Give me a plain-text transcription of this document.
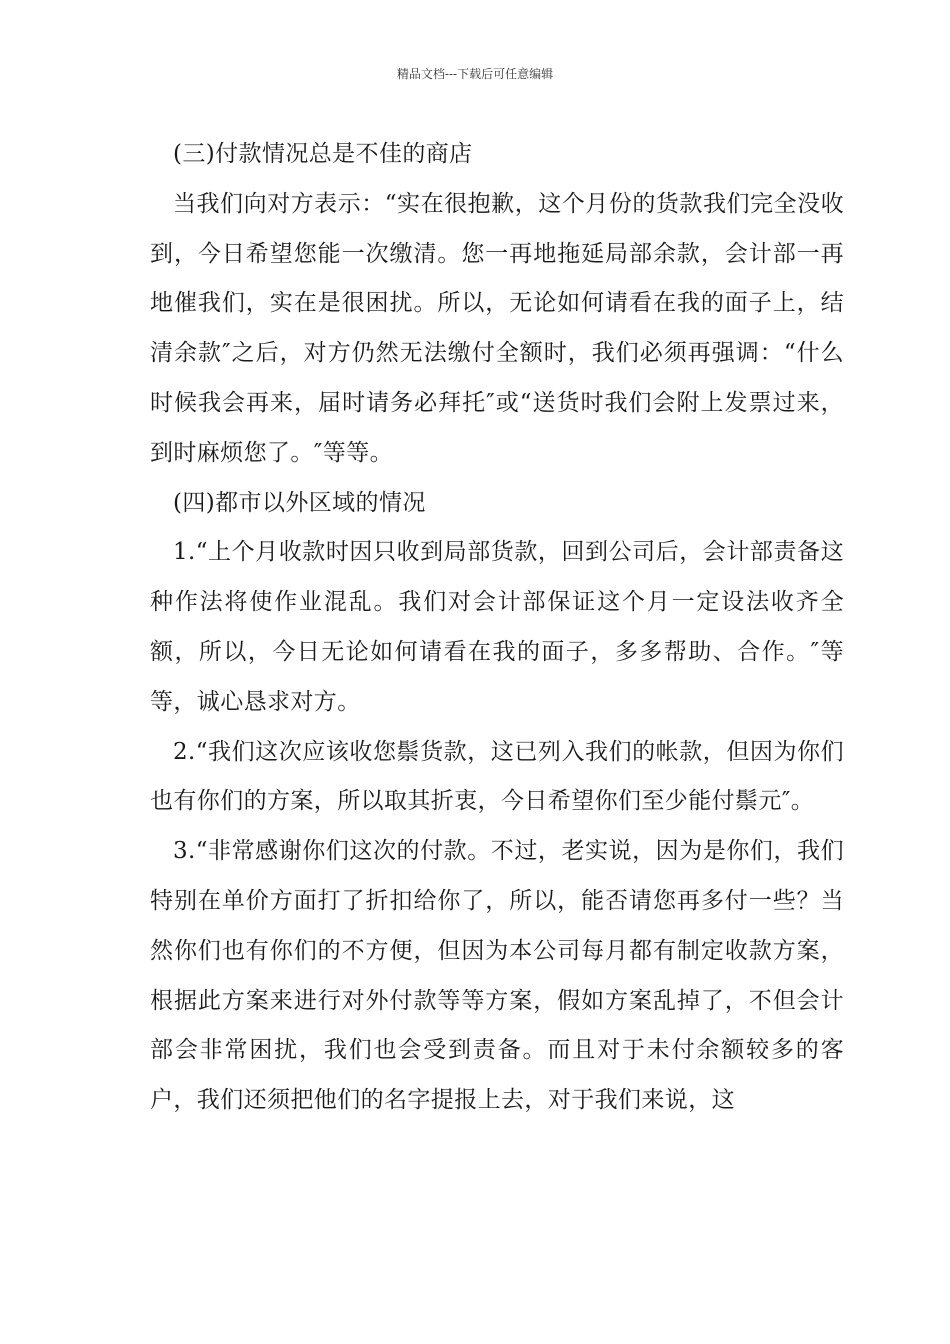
精品文档---下载后可任意编辑

(三)付款情况总是不佳的商店

当我们向对方表示：“实在很抱歉，这个月份的货款我们完全没收到，今日希望您能一次缴清。您一再地拖延局部余款，会计部一再地催我们，实在是很困扰。所以，无论如何请看在我的面子上，结清余款″之后，对方仍然无法缴付全额时，我们必须再强调：“什么时候我会再来，届时请务必拜托″或“送货时我们会附上发票过来，到时麻烦您了。″等等。

(四)都市以外区域的情况

1.“上个月收款时因只收到局部货款，回到公司后，会计部责备这种作法将使作业混乱。我们对会计部保证这个月一定设法收齐全额，所以，今日无论如何请看在我的面子，多多帮助、合作。″等等，诚心恳求对方。

2.“我们这次应该收您鬃货款，这已列入我们的帐款，但因为你们也有你们的方案，所以取其折衷，今日希望你们至少能付鬃元″。

3.“非常感谢你们这次的付款。不过，老实说，因为是你们，我们特别在单价方面打了折扣给你了，所以，能否请您再多付一些？当然你们也有你们的不方便，但因为本公司每月都有制定收款方案，根据此方案来进行对外付款等等方案，假如方案乱掉了，不但会计部会非常困扰，我们也会受到责备。而且对于未付余额较多的客户，我们还须把他们的名字提报上去，对于我们来说，这
